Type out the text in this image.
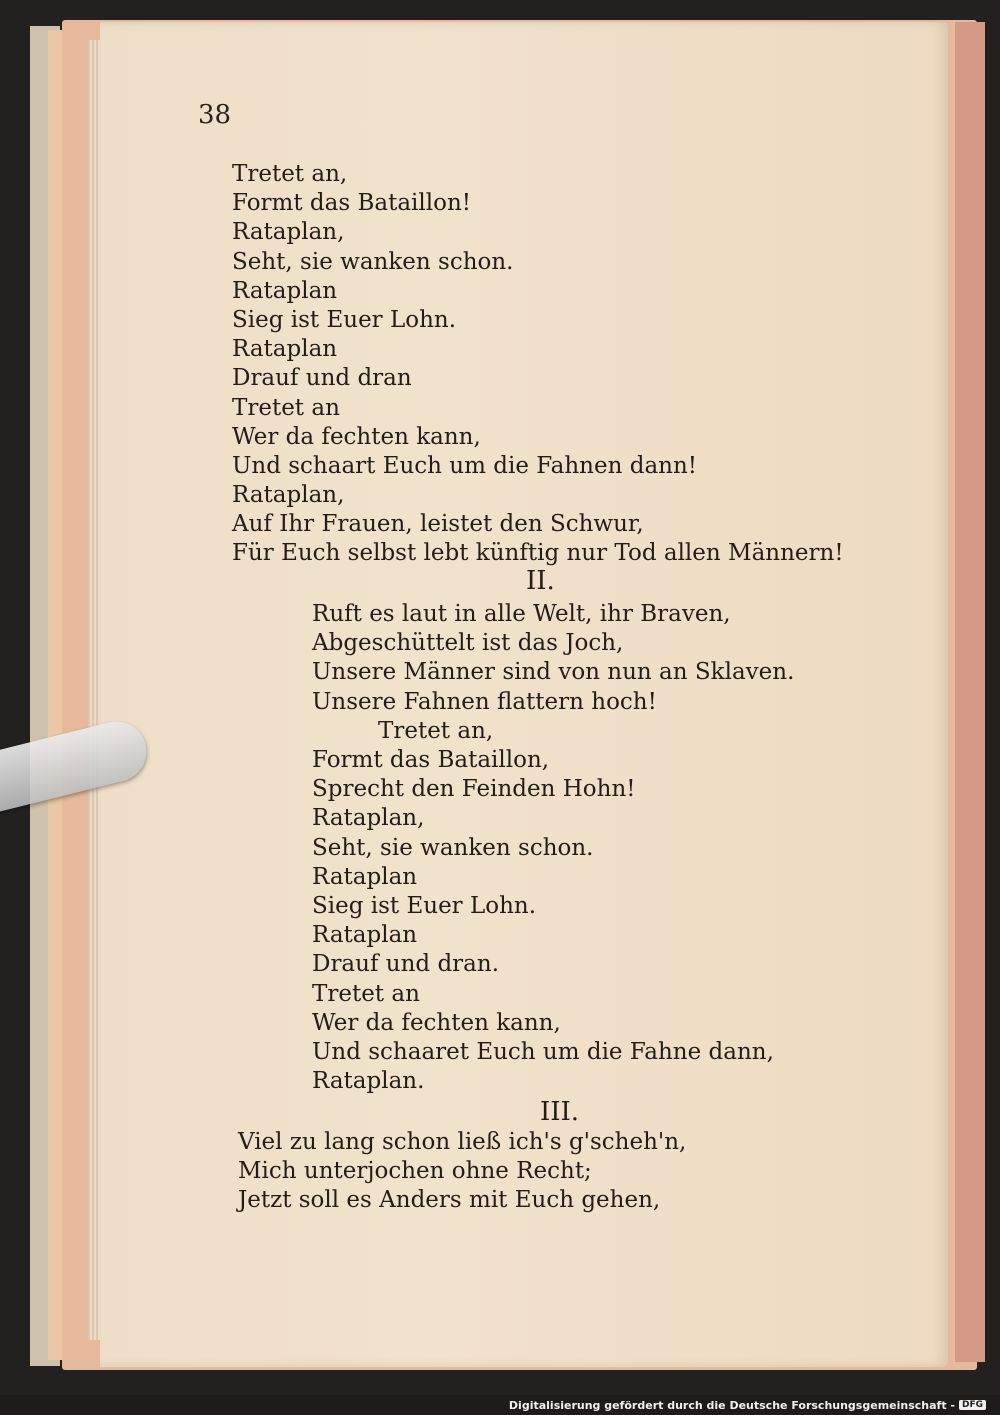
38
Tretet an,
Formt das Bataillon!
Rataplan,
Seht, sie wanken schon.
Rataplan
Sieg ist Euer Lohn.
Rataplan
Drauf und dran
Tretet an
Wer da fechten kann,
Und schaart Euch um die Fahnen dann!
Rataplan,
Auf Ihr Frauen, leistet den Schwur,
Für Euch selbst lebt künftig nur Tod allen Männern!
II.
Ruft es laut in alle Welt, ihr Braven,
Abgeschüttelt ist das Joch,
Unsere Männer sind von nun an Sklaven.
Unsere Fahnen flattern hoch!
Tretet an,
Formt das Bataillon,
Sprecht den Feinden Hohn!
Rataplan,
Seht, sie wanken schon.
Rataplan
Sieg ist Euer Lohn.
Rataplan
Drauf und dran.
Tretet an
Wer da fechten kann,
Und schaaret Euch um die Fahne dann,
Rataplan.
III.
Viel zu lang schon ließ ich's g'scheh'n,
Mich unterjochen ohne Recht;
Jetzt soll es Anders mit Euch gehen,
Digitalisierung gefördert durch die Deutsche Forschungsgemeinschaft - DFG
